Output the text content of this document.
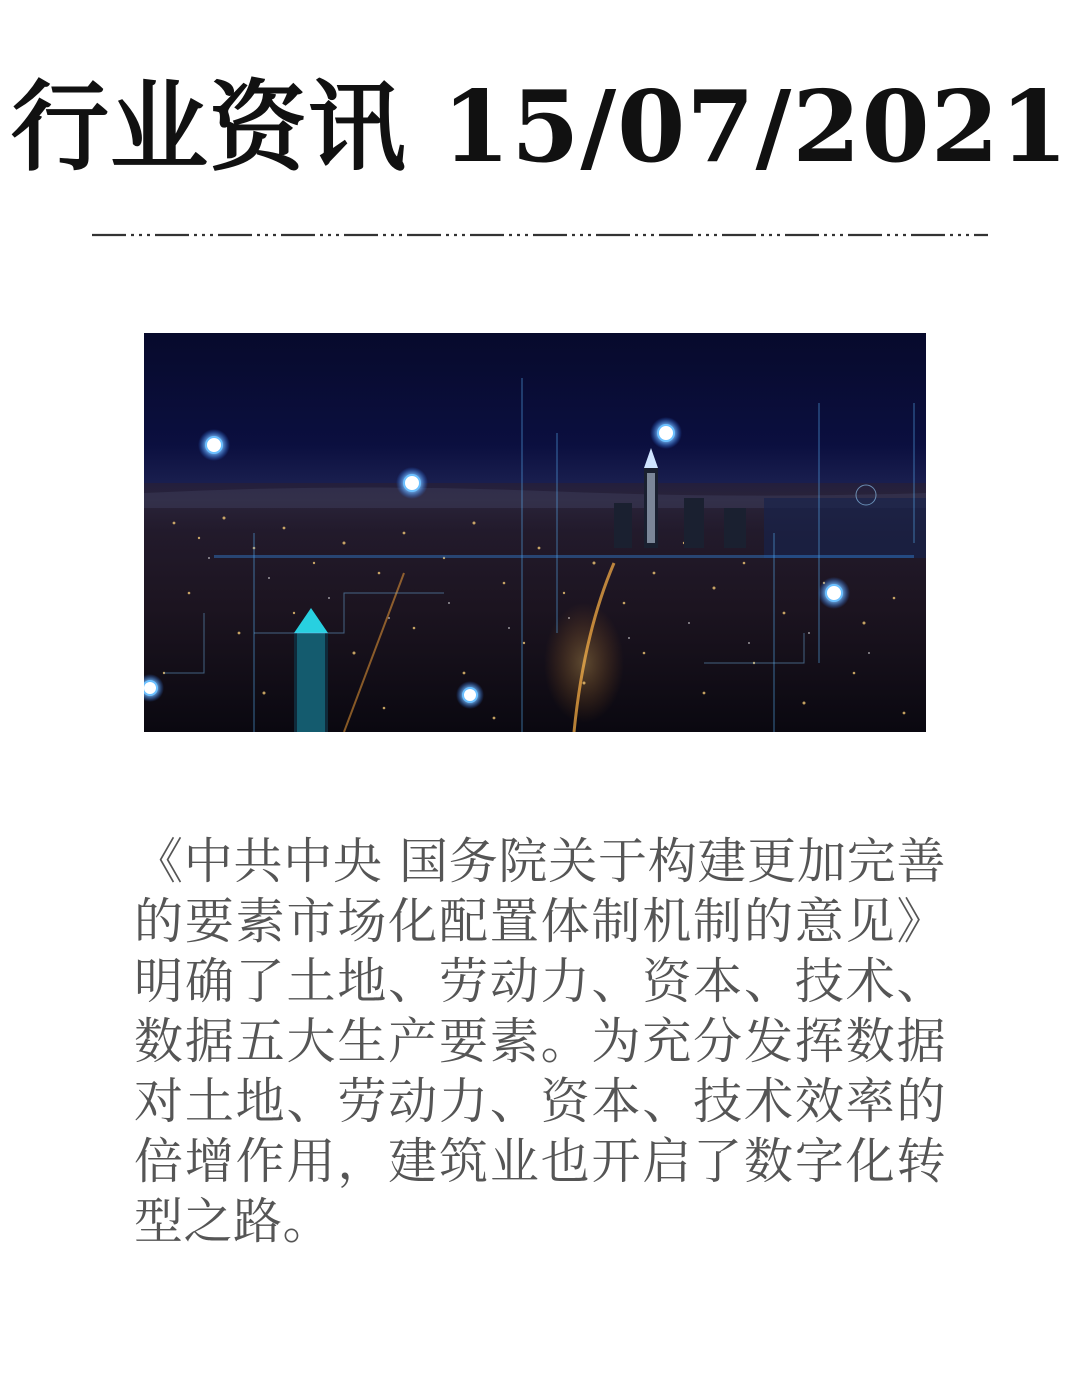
行业资讯 15/07/2021
《中共中央 国务院关于构建更加完善的要素市场化配置体制机制的意见》明确了土地、劳动力、资本、技术、数据五大生产要素。为充分发挥数据对土地、劳动力、资本、技术效率的倍增作用，建筑业也开启了数字化转型之路。
